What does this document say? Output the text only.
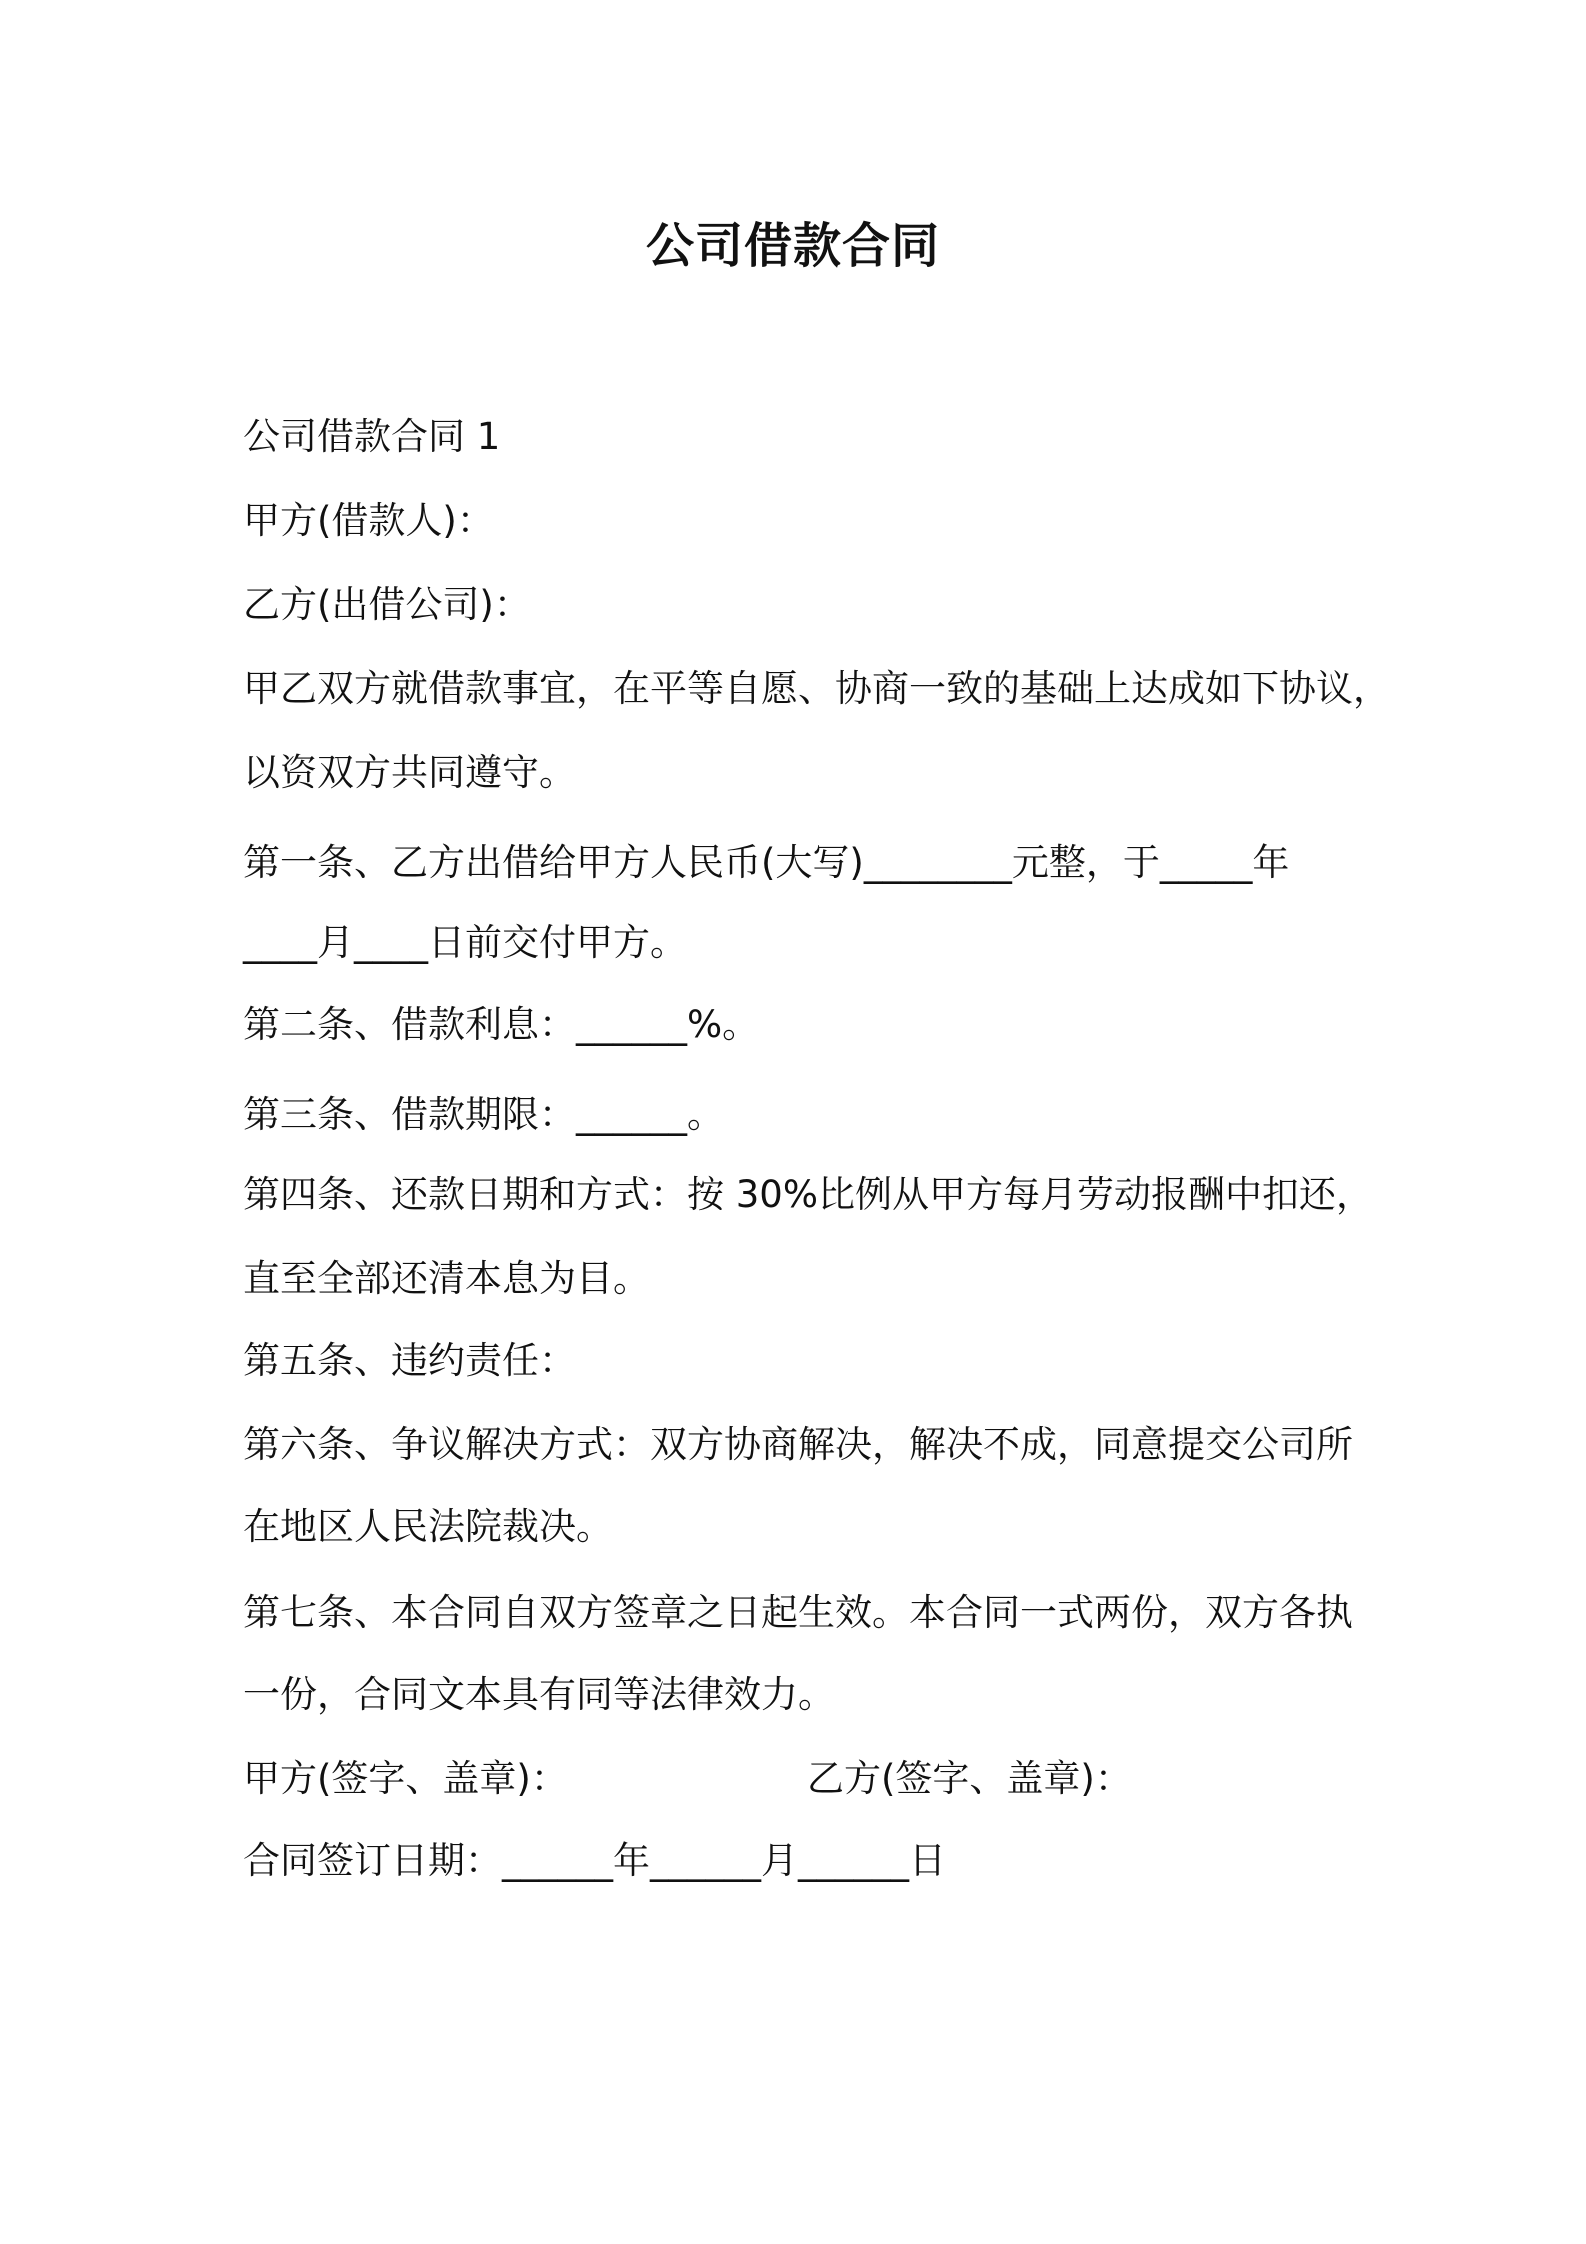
公司借款合同
公司借款合同 1
甲方(借款人)：
乙方(出借公司)：
甲乙双方就借款事宜，在平等自愿、协商一致的基础上达成如下协议，
以资双方共同遵守。
第一条、乙方出借给甲方人民币(大写)________元整，于_____年
____月____日前交付甲方。
第二条、借款利息：______%。
第三条、借款期限：______。
第四条、还款日期和方式：按 30%比例从甲方每月劳动报酬中扣还，
直至全部还清本息为目。
第五条、违约责任：
第六条、争议解决方式：双方协商解决，解决不成，同意提交公司所
在地区人民法院裁决。
第七条、本合同自双方签章之日起生效。本合同一式两份，双方各执
一份，合同文本具有同等法律效力。
甲方(签字、盖章)：	乙方(签字、盖章)：
合同签订日期：______年______月______日
